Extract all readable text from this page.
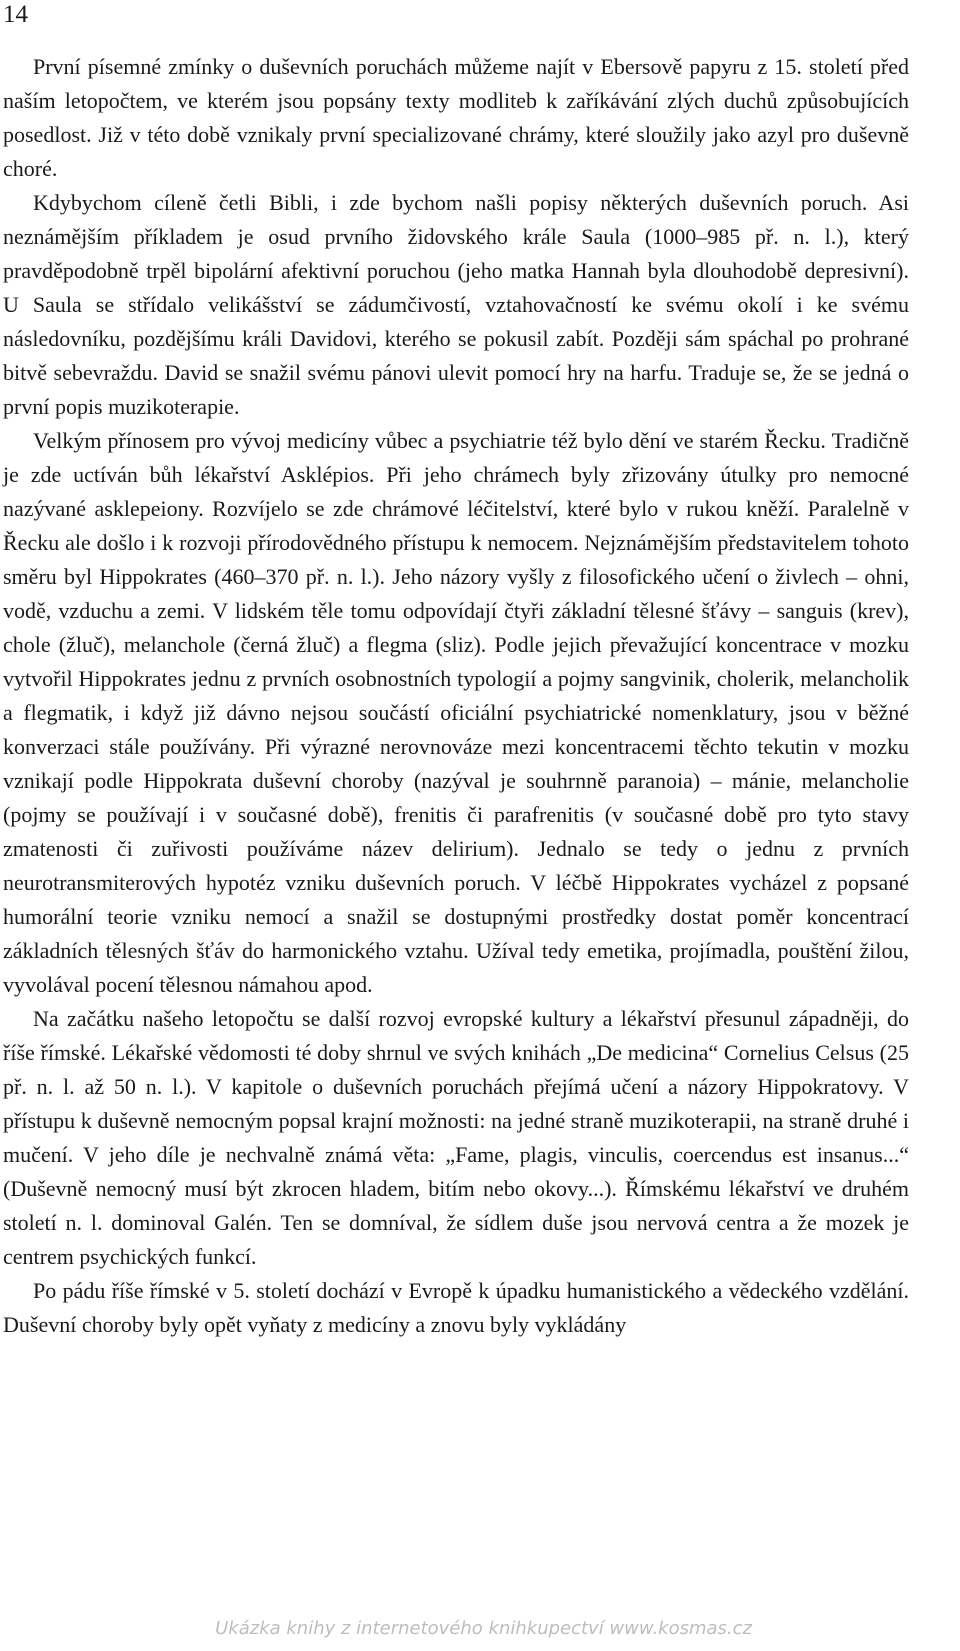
14

První písemné zmínky o duševních poruchách můžeme najít v Ebersově papyru z 15. století před naším letopočtem, ve kterém jsou popsány texty modliteb k zaříkávání zlých duchů způsobujících posedlost. Již v této době vznikaly první specializované chrámy, které sloužily jako azyl pro duševně choré.

Kdybychom cíleně četli Bibli, i zde bychom našli popisy některých duševních poruch. Asi neznámějším příkladem je osud prvního židovského krále Saula (1000–985 př. n. l.), který pravděpodobně trpěl bipolární afektivní poruchou (jeho matka Hannah byla dlouhodobě depresivní). U Saula se střídalo velikášství se zádumčivostí, vztahovačností ke svému okolí i ke svému následovníku, pozdějšímu králi Davidovi, kterého se pokusil zabít. Později sám spáchal po prohrané bitvě sebevraždu. David se snažil svému pánovi ulevit pomocí hry na harfu. Traduje se, že se jedná o první popis muzikoterapie.

Velkým přínosem pro vývoj medicíny vůbec a psychiatrie též bylo dění ve starém Řecku. Tradičně je zde uctíván bůh lékařství Asklépios. Při jeho chrámech byly zřizovány útulky pro nemocné nazývané asklepeiony. Rozvíjelo se zde chrámové léčitelství, které bylo v rukou kněží. Paralelně v Řecku ale došlo i k rozvoji přírodovědného přístupu k nemocem. Nejznámějším představitelem tohoto směru byl Hippokrates (460–370 př. n. l.). Jeho názory vyšly z filosofického učení o živlech – ohni, vodě, vzduchu a zemi. V lidském těle tomu odpovídají čtyři základní tělesné šťávy – sanguis (krev), chole (žluč), melanchole (černá žluč) a flegma (sliz). Podle jejich převažující koncentrace v mozku vytvořil Hippokrates jednu z prvních osobnostních typologií a pojmy sangvinik, cholerik, melancholik a flegmatik, i když již dávno nejsou součástí oficiální psychiatrické nomenklatury, jsou v běžné konverzaci stále používány. Při výrazné nerovnováze mezi koncentracemi těchto tekutin v mozku vznikají podle Hippokrata duševní choroby (nazýval je souhrnně paranoia) – mánie, melancholie (pojmy se používají i v současné době), frenitis či parafrenitis (v současné době pro tyto stavy zmatenosti či zuřivosti používáme název delirium). Jednalo se tedy o jednu z prvních neurotransmiterových hypotéz vzniku duševních poruch. V léčbě Hippokrates vycházel z popsané humorální teorie vzniku nemocí a snažil se dostupnými prostředky dostat poměr koncentrací základních tělesných šťáv do harmonického vztahu. Užíval tedy emetika, projímadla, pouštění žilou, vyvolával pocení tělesnou námahou apod.

Na začátku našeho letopočtu se další rozvoj evropské kultury a lékařství přesunul západněji, do říše římské. Lékařské vědomosti té doby shrnul ve svých knihách „De medicina“ Cornelius Celsus (25 př. n. l. až 50 n. l.). V kapitole o duševních poruchách přejímá učení a názory Hippokratovy. V přístupu k duševně nemocným popsal krajní možnosti: na jedné straně muzikoterapii, na straně druhé i mučení. V jeho díle je nechvalně známá věta: „Fame, plagis, vinculis, coercendus est insanus...“ (Duševně nemocný musí být zkrocen hladem, bitím nebo okovy...). Římskému lékařství ve druhém století n. l. dominoval Galén. Ten se domníval, že sídlem duše jsou nervová centra a že mozek je centrem psychických funkcí.

Po pádu říše římské v 5. století dochází v Evropě k úpadku humanistického a vědeckého vzdělání. Duševní choroby byly opět vyňaty z medicíny a znovu byly vykládány

Ukázka knihy z internetového knihkupectví www.kosmas.cz
